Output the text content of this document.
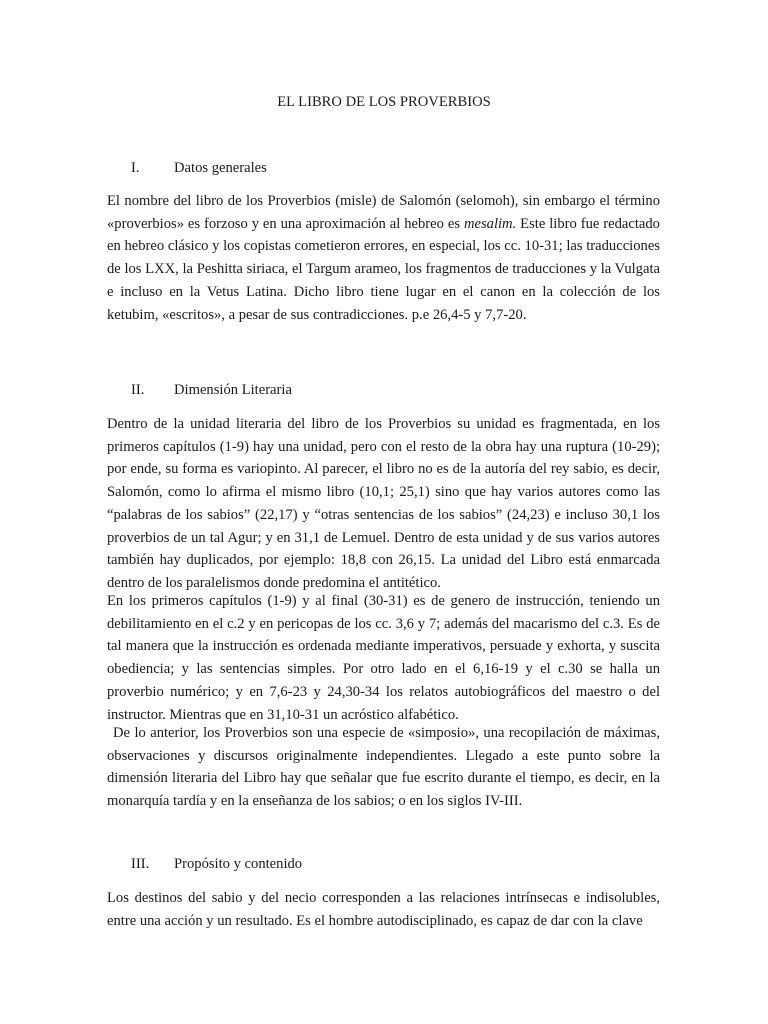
EL LIBRO DE LOS PROVERBIOS
I. Datos generales

El nombre del libro de los Proverbios (misle) de Salomón (selomoh), sin embargo el término «proverbios» es forzoso y en una aproximación al hebreo es mesalim. Este libro fue redactado en hebreo clásico y los copistas cometieron errores, en especial, los cc. 10-31; las traducciones de los LXX, la Peshitta siriaca, el Targum arameo, los fragmentos de traducciones y la Vulgata e incluso en la Vetus Latina. Dicho libro tiene lugar en el canon en la colección de los ketubim, «escritos», a pesar de sus contradicciones. p.e 26,4-5 y 7,7-20.

II. Dimensión Literaria

Dentro de la unidad literaria del libro de los Proverbios su unidad es fragmentada, en los primeros capítulos (1-9) hay una unidad, pero con el resto de la obra hay una ruptura (10-29); por ende, su forma es variopinto. Al parecer, el libro no es de la autoría del rey sabio, es decir, Salomón, como lo afirma el mismo libro (10,1; 25,1) sino que hay varios autores como las “palabras de los sabios” (22,17) y “otras sentencias de los sabios” (24,23) e incluso 30,1 los proverbios de un tal Agur; y en 31,1 de Lemuel. Dentro de esta unidad y de sus varios autores también hay duplicados, por ejemplo: 18,8 con 26,15. La unidad del Libro está enmarcada dentro de los paralelismos donde predomina el antitético.

En los primeros capítulos (1-9) y al final (30-31) es de genero de instrucción, teniendo un debilitamiento en el c.2 y en pericopas de los cc. 3,6 y 7; además del macarismo del c.3. Es de tal manera que la instrucción es ordenada mediante imperativos, persuade y exhorta, y suscita obediencia; y las sentencias simples. Por otro lado en el 6,16-19 y el c.30 se halla un proverbio numérico; y en 7,6-23 y 24,30-34 los relatos autobiográficos del maestro o del instructor. Mientras que en 31,10-31 un acróstico alfabético.

De lo anterior, los Proverbios son una especie de «simposio», una recopilación de máximas, observaciones y discursos originalmente independientes. Llegado a este punto sobre la dimensión literaria del Libro hay que señalar que fue escrito durante el tiempo, es decir, en la monarquía tardía y en la enseñanza de los sabios; o en los siglos IV-III.

III. Propósito y contenido

Los destinos del sabio y del necio corresponden a las relaciones intrínsecas e indisolubles, entre una acción y un resultado. Es el hombre autodisciplinado, es capaz de dar con la clave
